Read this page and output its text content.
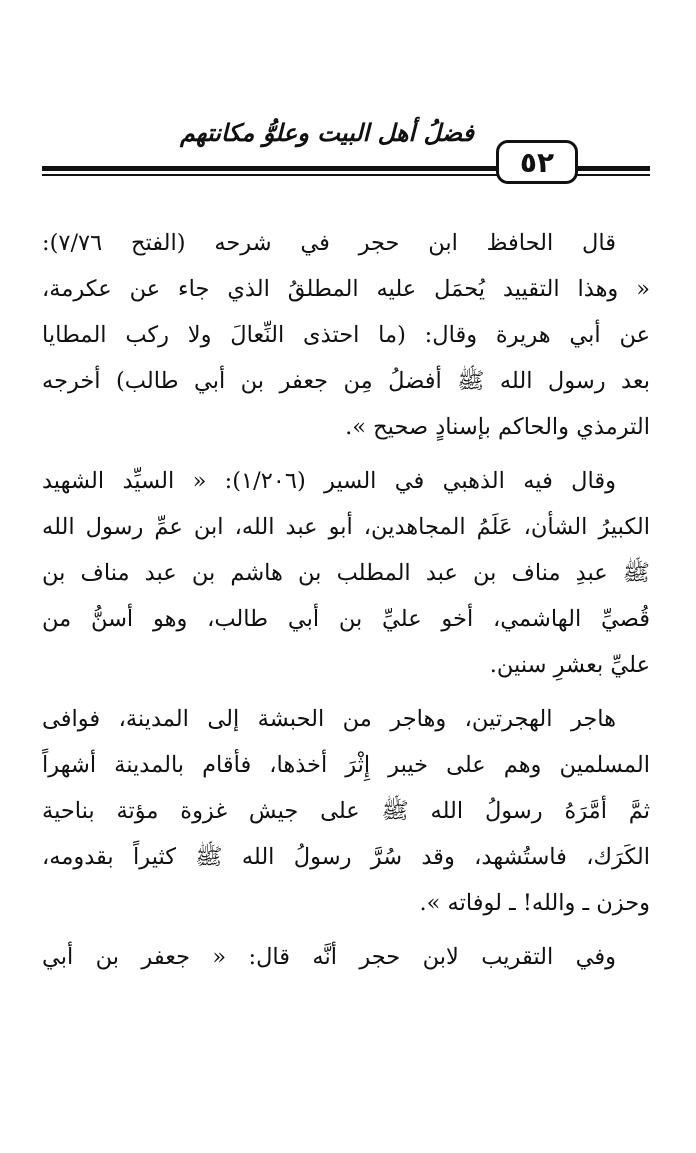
فضلُ أهل البيت وعلوُّ مكانتهم
٥٢
قال الحافظ ابن حجر في شرحه (الفتح ٧/٧٦):
« وهذا التقييد يُحمَل عليه المطلقُ الذي جاء عن عكرمة،
عن أبي هريرة وقال: (ما احتذى النِّعالَ ولا ركب المطايا
بعد رسول الله ﷺ أفضلُ مِن جعفر بن أبي طالب) أخرجه
الترمذي والحاكم بإسنادٍ صحيح ».
وقال فيه الذهبي في السير (١/٢٠٦): « السيِّد الشهيد
الكبيرُ الشأن، عَلَمُ المجاهدين، أبو عبد الله، ابن عمِّ رسول الله
ﷺ عبدِ مناف بن عبد المطلب بن هاشم بن عبد مناف بن
قُصيِّ الهاشمي، أخو عليِّ بن أبي طالب، وهو أسنُّ من
عليِّ بعشرِ سنين.
هاجر الهجرتين، وهاجر من الحبشة إلى المدينة، فوافى
المسلمين وهم على خيبر إِثْرَ أخذها، فأقام بالمدينة أشهراً
ثمَّ أمَّرَهُ رسولُ الله ﷺ على جيش غزوة مؤتة بناحية
الكَرَك، فاستُشهد، وقد سُرَّ رسولُ الله ﷺ كثيراً بقدومه،
وحزن ـ والله! ـ لوفاته ».
وفي التقريب لابن حجر أنَّه قال: « جعفر بن أبي
